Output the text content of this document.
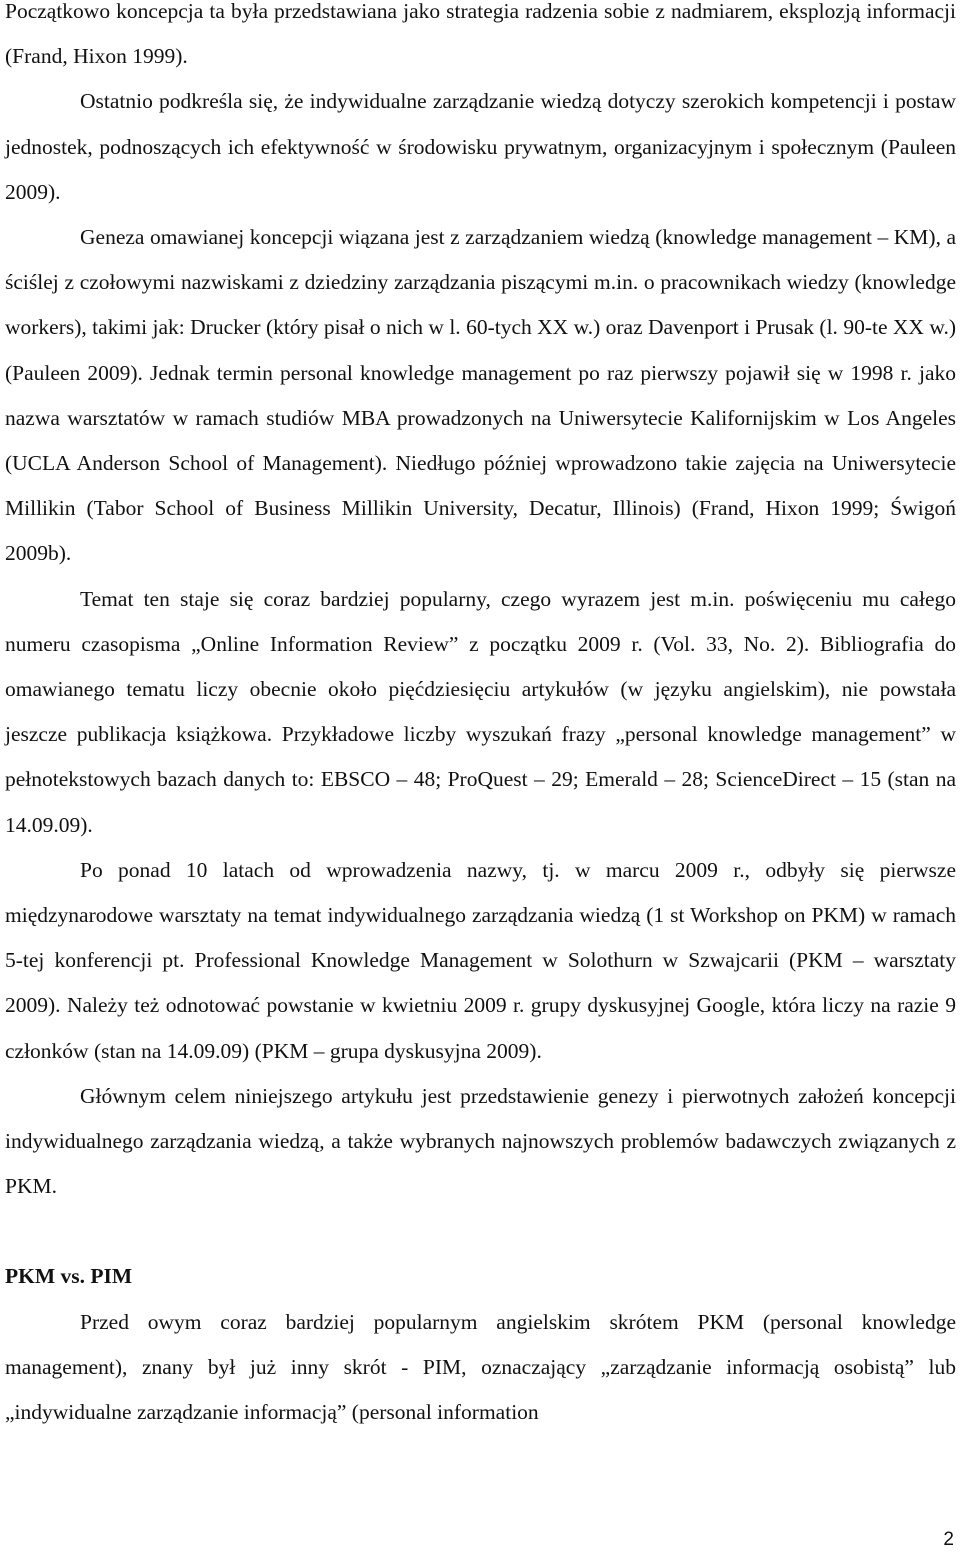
Początkowo koncepcja ta była przedstawiana jako strategia radzenia sobie z nadmiarem, eksplozją informacji (Frand, Hixon 1999).

Ostatnio podkreśla się, że indywidualne zarządzanie wiedzą dotyczy szerokich kompetencji i postaw jednostek, podnoszących ich efektywność w środowisku prywatnym, organizacyjnym i społecznym (Pauleen 2009).

Geneza omawianej koncepcji wiązana jest z zarządzaniem wiedzą (knowledge management – KM), a ściślej z czołowymi nazwiskami z dziedziny zarządzania piszącymi m.in. o pracownikach wiedzy (knowledge workers), takimi jak: Drucker (który pisał o nich w l. 60-tych XX w.) oraz Davenport i Prusak (l. 90-te XX w.) (Pauleen 2009). Jednak termin personal knowledge management po raz pierwszy pojawił się w 1998 r. jako nazwa warsztatów w ramach studiów MBA prowadzonych na Uniwersytecie Kalifornijskim w Los Angeles (UCLA Anderson School of Management). Niedługo później wprowadzono takie zajęcia na Uniwersytecie Millikin (Tabor School of Business Millikin University, Decatur, Illinois) (Frand, Hixon 1999; Świgoń 2009b).

Temat ten staje się coraz bardziej popularny, czego wyrazem jest m.in. poświęceniu mu całego numeru czasopisma „Online Information Review” z początku 2009 r. (Vol. 33, No. 2). Bibliografia do omawianego tematu liczy obecnie około pięćdziesięciu artykułów (w języku angielskim), nie powstała jeszcze publikacja książkowa. Przykładowe liczby wyszukań frazy „personal knowledge management” w pełnotekstowych bazach danych to: EBSCO – 48; ProQuest – 29; Emerald – 28; ScienceDirect – 15 (stan na 14.09.09).

Po ponad 10 latach od wprowadzenia nazwy, tj. w marcu 2009 r., odbyły się pierwsze międzynarodowe warsztaty na temat indywidualnego zarządzania wiedzą (1 st Workshop on PKM) w ramach 5-tej konferencji pt. Professional Knowledge Management w Solothurn w Szwajcarii (PKM – warsztaty 2009). Należy też odnotować powstanie w kwietniu 2009 r. grupy dyskusyjnej Google, która liczy na razie 9 członków (stan na 14.09.09) (PKM – grupa dyskusyjna 2009).

Głównym celem niniejszego artykułu jest przedstawienie genezy i pierwotnych założeń koncepcji indywidualnego zarządzania wiedzą, a także wybranych najnowszych problemów badawczych związanych z PKM.

PKM vs. PIM

Przed owym coraz bardziej popularnym angielskim skrótem PKM (personal knowledge management), znany był już inny skrót - PIM, oznaczający „zarządzanie informacją osobistą” lub „indywidualne zarządzanie informacją” (personal information

2
